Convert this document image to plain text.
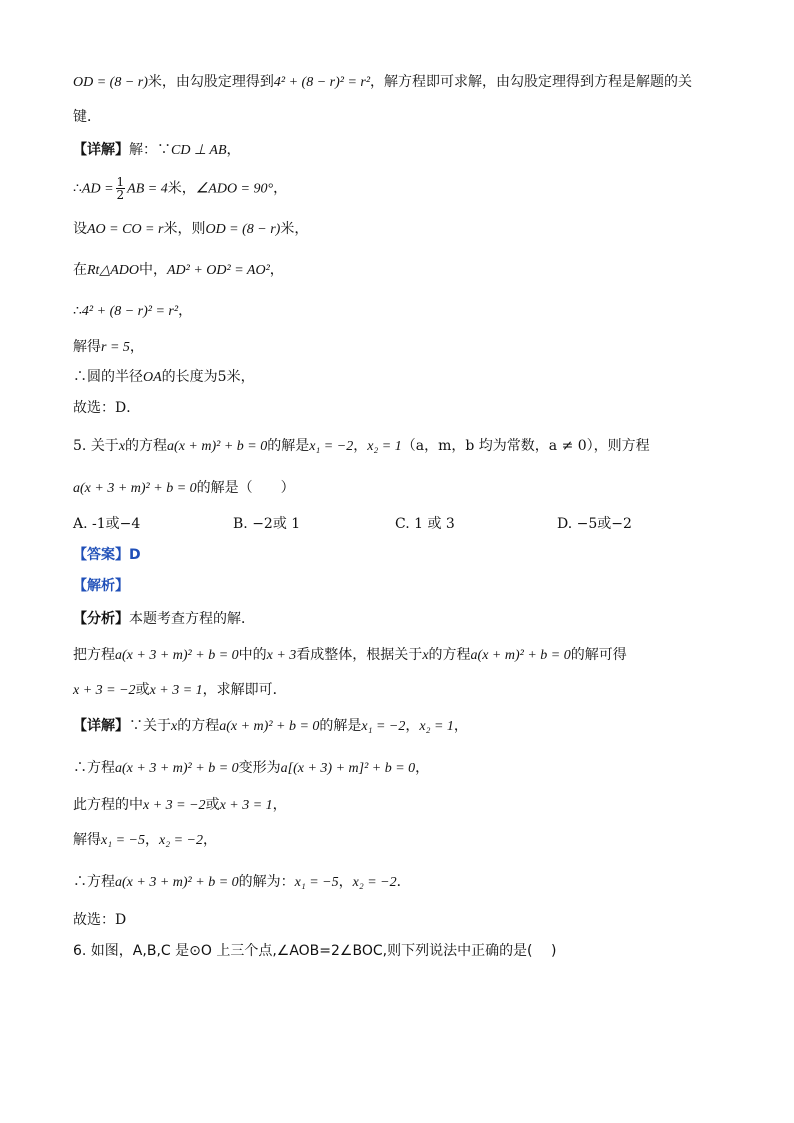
OD = (8 − r)米，由勾股定理得到4² + (8 − r)² = r²，解方程即可求解，由勾股定理得到方程是解题的关
键．
【详解】解：∵CD ⊥ AB，
∴AD = $\frac{1}{2}$ AB = 4米，∠ADO = 90°，
设AO = CO = r米，则OD = (8 − r)米，
在Rt△ADO中，AD² + OD² = AO²，
∴4² + (8 − r)² = r²，
解得r = 5，
∴圆的半径OA的长度为5米，
故选：D．
5. 关于x的方程a(x + m)² + b = 0的解是x₁ = −2，x₂ = 1（a，m，b 均为常数，a ≠ 0），则方程
a(x + 3 + m)² + b = 0的解是（　　）
A. -1或−4	B. −2或 1	C. 1 或 3	D. −5或−2
【答案】D
【解析】
【分析】本题考查方程的解．
把方程a(x + 3 + m)² + b = 0中的x + 3看成整体，根据关于x的方程a(x + m)² + b = 0的解可得
x + 3 = −2或x + 3 = 1，求解即可．
【详解】∵关于x的方程a(x + m)² + b = 0的解是x₁ = −2，x₂ = 1，
∴方程a(x + 3 + m)² + b = 0变形为a[(x + 3) + m]² + b = 0，
此方程的中x + 3 = −2或x + 3 = 1，
解得x₁ = −5，x₂ = −2，
∴方程a(x + 3 + m)² + b = 0的解为：x₁ = −5，x₂ = −2．
故选：D
6. 如图，A,B,C 是⊙O 上三个点,∠AOB=2∠BOC,则下列说法中正确的是(　 )
